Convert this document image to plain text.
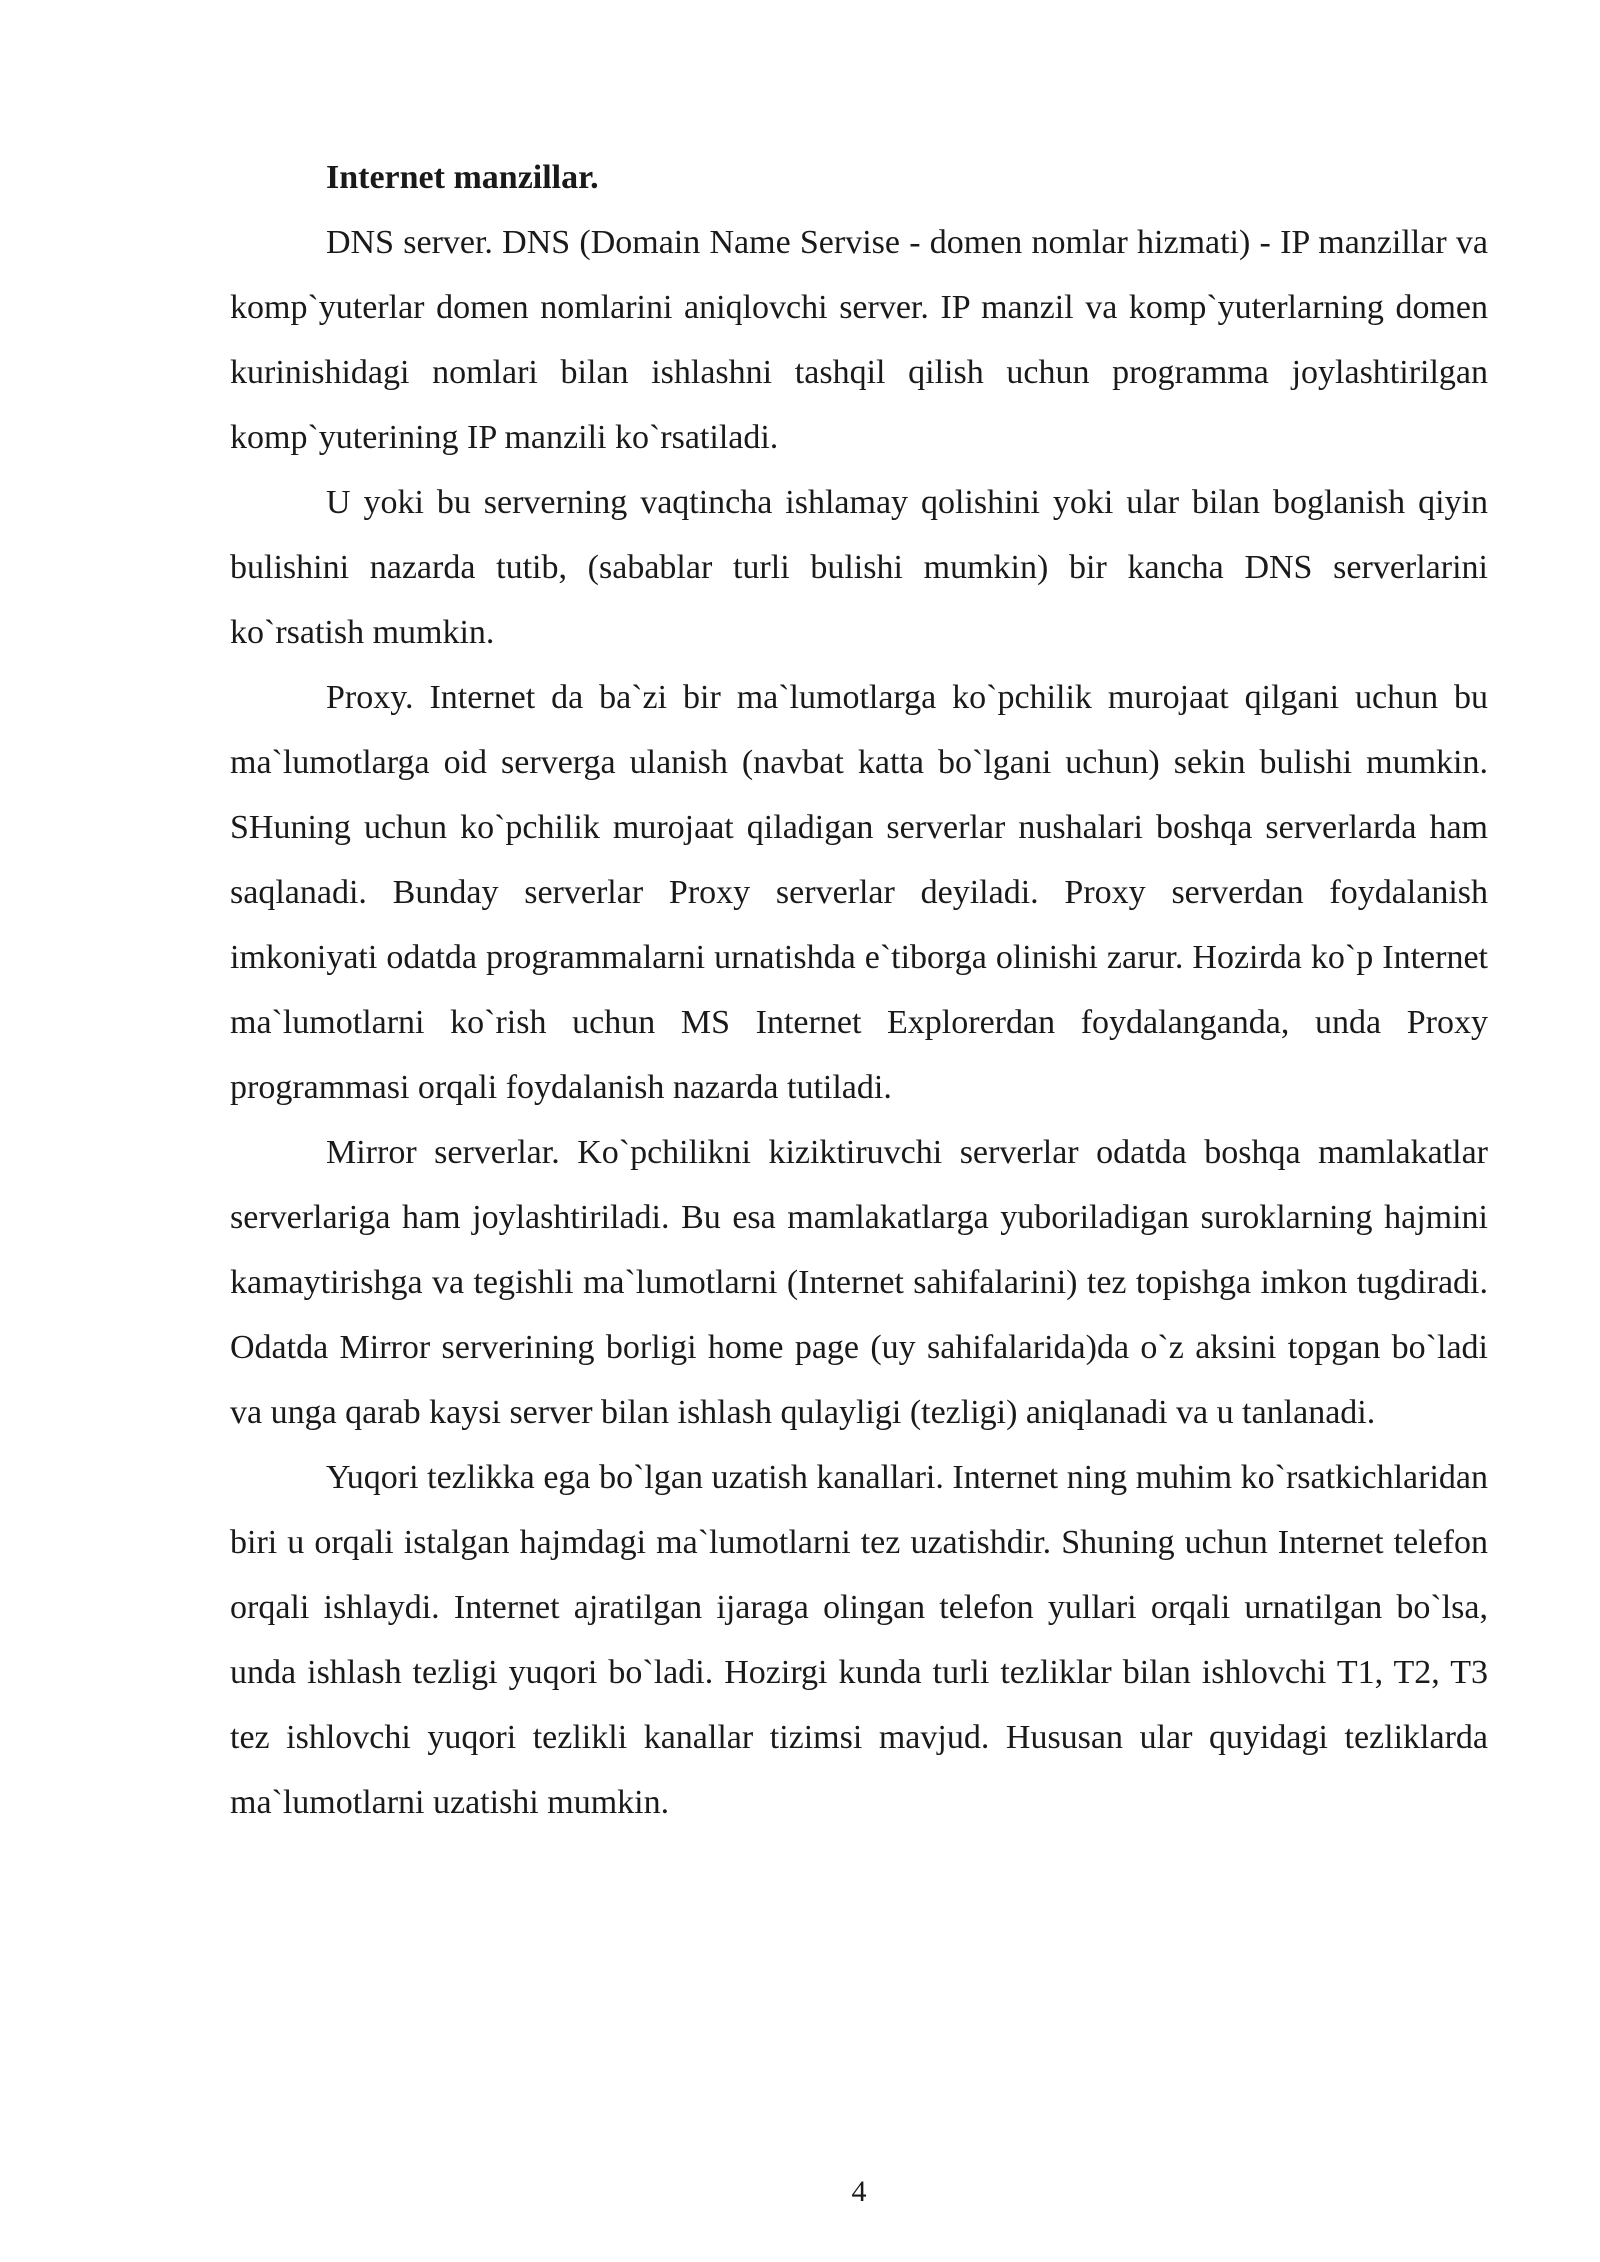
Internet manzillar.

DNS server. DNS (Domain Name Servise - domen nomlar hizmati) - IP manzillar va komp`yuterlar domen nomlarini aniqlovchi server. IP manzil va komp`yuterlarning domen kurinishidagi nomlari bilan ishlashni tashqil qilish uchun programma joylashtirilgan komp`yuterining IP manzili ko`rsatiladi.

U yoki bu serverning vaqtincha ishlamay qolishini yoki ular bilan boglanish qiyin bulishini nazarda tutib, (sabablar turli bulishi mumkin) bir kancha DNS serverlarini ko`rsatish mumkin.

Proxy. Internet da ba`zi bir ma`lumotlarga ko`pchilik murojaat qilgani uchun bu ma`lumotlarga oid serverga ulanish (navbat katta bo`lgani uchun) sekin bulishi mumkin. SHuning uchun ko`pchilik murojaat qiladigan serverlar nushalari boshqa serverlarda ham saqlanadi. Bunday serverlar Proxy serverlar deyiladi. Proxy serverdan foydalanish imkoniyati odatda programmalarni urnatishda e`tiborga olinishi zarur. Hozirda ko`p Internet ma`lumotlarni ko`rish uchun MS Internet Explorerdan foydalanganda, unda Proxy programmasi orqali foydalanish nazarda tutiladi.

Mirror serverlar. Ko`pchilikni kiziktiruvchi serverlar odatda boshqa mamlakatlar serverlariga ham joylashtiriladi. Bu esa mamlakatlarga yuboriladigan suroklarning hajmini kamaytirishga va tegishli ma`lumotlarni (Internet sahifalarini) tez topishga imkon tugdiradi. Odatda Mirror serverining borligi home page (uy sahifalarida)da o`z aksini topgan bo`ladi va unga qarab kaysi server bilan ishlash qulayligi (tezligi) aniqlanadi va u tanlanadi.

Yuqori tezlikka ega bo`lgan uzatish kanallari. Internet ning muhim ko`rsatkichlaridan biri u orqali istalgan hajmdagi ma`lumotlarni tez uzatishdir. Shuning uchun Internet telefon orqali ishlaydi. Internet ajratilgan ijaraga olingan telefon yullari orqali urnatilgan bo`lsa, unda ishlash tezligi yuqori bo`ladi. Hozirgi kunda turli tezliklar bilan ishlovchi T1, T2, T3 tez ishlovchi yuqori tezlikli kanallar tizimsi mavjud. Hususаn ular quyidagi tezliklarda ma`lumotlarni uzatishi mumkin.

4
